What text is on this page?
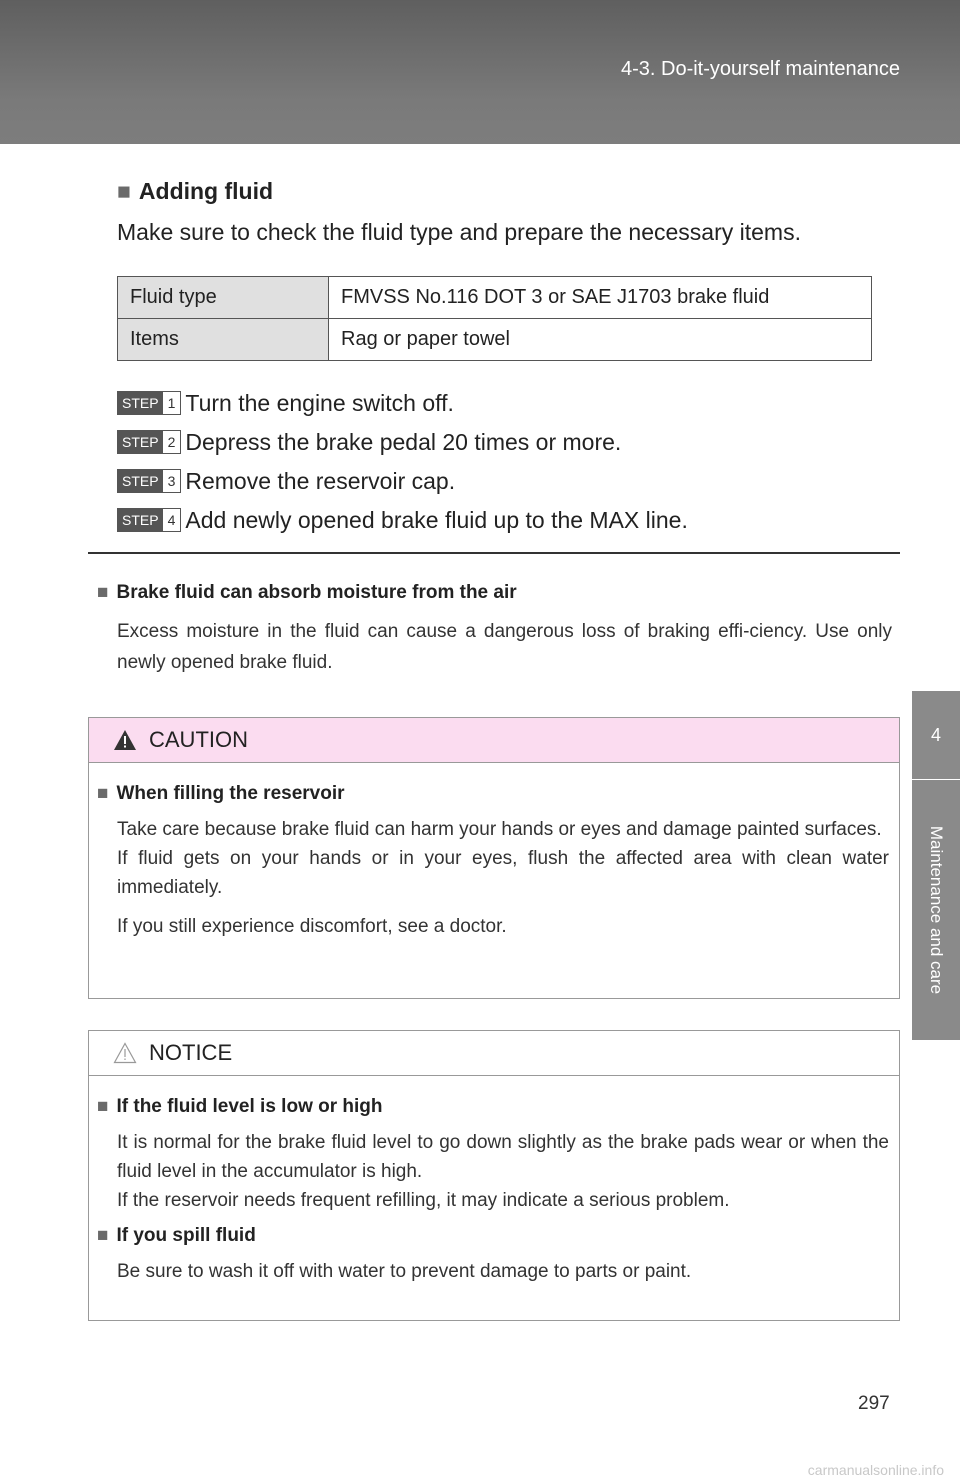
4-3. Do-it-yourself maintenance
4
Maintenance and care
■ Adding fluid
Make sure to check the fluid type and prepare the necessary items.
Fluid type	FMVSS No.116 DOT 3 or SAE J1703 brake fluid
Items	Rag or paper towel
STEP 1 Turn the engine switch off.
STEP 2 Depress the brake pedal 20 times or more.
STEP 3 Remove the reservoir cap.
STEP 4 Add newly opened brake fluid up to the MAX line.
■ Brake fluid can absorb moisture from the air
Excess moisture in the fluid can cause a dangerous loss of braking effi-ciency. Use only newly opened brake fluid.
CAUTION
■ When filling the reservoir
Take care because brake fluid can harm your hands or eyes and damage painted surfaces.
If fluid gets on your hands or in your eyes, flush the affected area with clean water immediately.
If you still experience discomfort, see a doctor.
NOTICE
■ If the fluid level is low or high
It is normal for the brake fluid level to go down slightly as the brake pads wear or when the fluid level in the accumulator is high.
If the reservoir needs frequent refilling, it may indicate a serious problem.
■ If you spill fluid
Be sure to wash it off with water to prevent damage to parts or paint.
297
carmanualsonline.info
